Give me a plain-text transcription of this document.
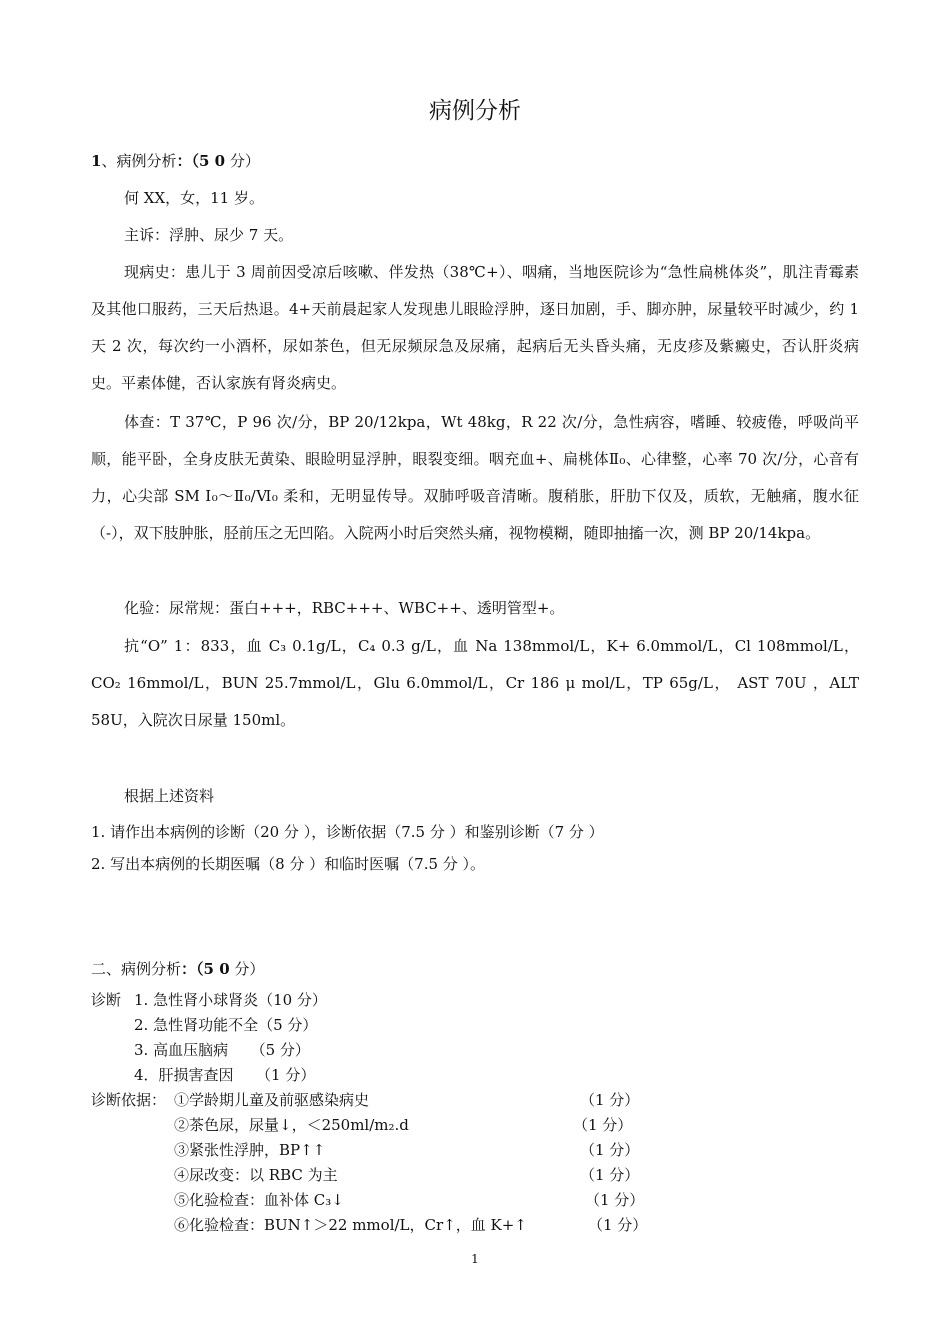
病例分析
1、病例分析：（5 0 分）
何 XX，女，11 岁。
主诉：浮肿、尿少 7 天。
现病史：患儿于 3 周前因受凉后咳嗽、伴发热（38℃+）、咽痛，当地医院诊为“急性扁桃体炎”，肌注青霉素及其他口服药，三天后热退。4+天前晨起家人发现患儿眼睑浮肿，逐日加剧，手、脚亦肿，尿量较平时减少，约 1 天 2 次，每次约一小酒杯，尿如茶色，但无尿频尿急及尿痛，起病后无头昏头痛，无皮疹及紫癜史，否认肝炎病史。平素体健，否认家族有肾炎病史。
体查：T 37℃，P 96 次/分，BP 20/12kpa，Wt 48kg，R 22 次/分，急性病容，嗜睡、较疲倦，呼吸尚平顺，能平卧，全身皮肤无黄染、眼睑明显浮肿，眼裂变细。咽充血+、扁桃体Ⅱ₀、心律整，心率 70 次/分，心音有力，心尖部 SM Ⅰ₀～Ⅱ₀/Ⅵ₀ 柔和，无明显传导。双肺呼吸音清晰。腹稍胀，肝肋下仅及，质软，无触痛，腹水征（-），双下肢肿胀，胫前压之无凹陷。入院两小时后突然头痛，视物模糊，随即抽搐一次，测 BP 20/14kpa。
化验：尿常规：蛋白+++，RBC+++、WBC++、透明管型+。
抗“O” 1：833，血 C₃ 0.1g/L，C₄ 0.3 g/L，血 Na 138mmol/L，K+ 6.0mmol/L，Cl 108mmol/L，CO₂ 16mmol/L，BUN 25.7mmol/L，Glu 6.0mmol/L，Cr 186 μ mol/L，TP 65g/L， AST 70U ，ALT 58U，入院次日尿量 150ml。
根据上述资料
1. 请作出本病例的诊断（20 分 ），诊断依据（7.5 分 ）和鉴别诊断（7 分 ）
2. 写出本病例的长期医嘱（8 分 ）和临时医嘱（7.5 分 ）。
二、病例分析：（5 0 分）
诊断 1. 急性肾小球肾炎（10 分）
2. 急性肾功能不全（5 分）
3. 高血压脑病　　（5 分）
4．肝损害查因　　（1 分）
诊断依据： ①学龄期儿童及前驱感染病史	（1 分）
②茶色尿，尿量↓，＜250ml/m₂.d	（1 分）
③紧张性浮肿，BP↑↑	（1 分）
④尿改变：以 RBC 为主	（1 分）
⑤化验检查：血补体 C₃↓	（1 分）
⑥化验检查：BUN↑＞22 mmol/L，Cr↑，血 K+↑	（1 分）
1
